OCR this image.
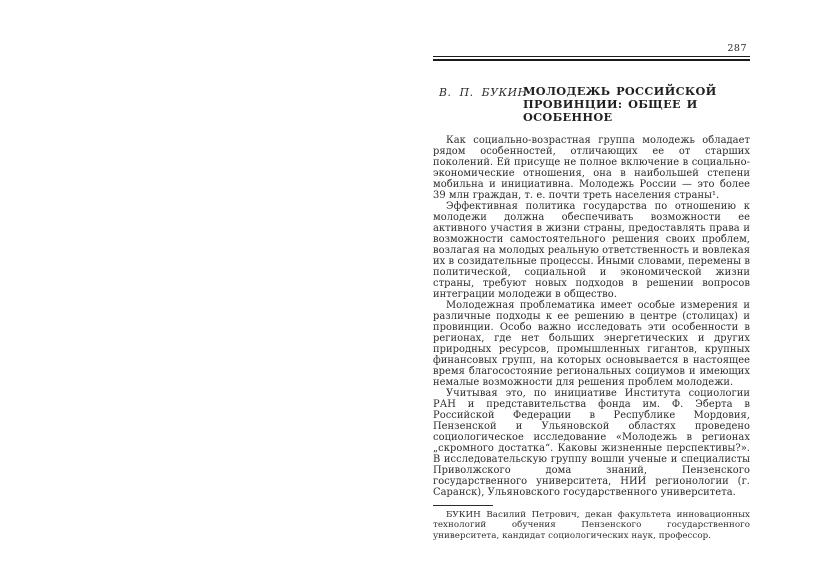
287
В. П. БУКИН
МОЛОДЕЖЬ РОССИЙСКОЙ
ПРОВИНЦИИ: ОБЩЕЕ И ОСОБЕННОЕ

Как социально-возрастная группа молодежь обладает рядом особенностей, отличающих ее от старших поколений. Ей присуще не полное включение в социально-экономические отношения, она в наибольшей степени мобильна и инициативна. Молодежь России — это более 39 млн граждан, т. е. почти треть населения страны¹.

Эффективная политика государства по отношению к молодежи должна обеспечивать возможности ее активного участия в жизни страны, предоставлять права и возможности самостоятельного решения своих проблем, возлагая на молодых реальную ответственность и вовлекая их в созидательные процессы. Иными словами, перемены в политической, социальной и экономической жизни страны, требуют новых подходов в решении вопросов интеграции молодежи в общество.

Молодежная проблематика имеет особые измерения и различные подходы к ее решению в центре (столицах) и провинции. Особо важно исследовать эти особенности в регионах, где нет больших энергетических и других природных ресурсов, промышленных гигантов, крупных финансовых групп, на которых основывается в настоящее время благосостояние региональных социумов и имеющих немалые возможности для решения проблем молодежи.

Учитывая это, по инициативе Института социологии РАН и представительства фонда им. Ф. Эберта в Российской Федерации в Республике Мордовия, Пензенской и Ульяновской областях проведено социологическое исследование «Молодежь в регионах „скромного достатка“. Каковы жизненные перспективы?». В исследовательскую группу вошли ученые и специалисты Приволжского дома знаний, Пензенского государственного университета, НИИ регионологии (г. Саранск), Ульяновского государственного университета.

БУКИН Василий Петрович, декан факультета инновационных технологий обучения Пензенского государственного университета, кандидат социологических наук, профессор.
